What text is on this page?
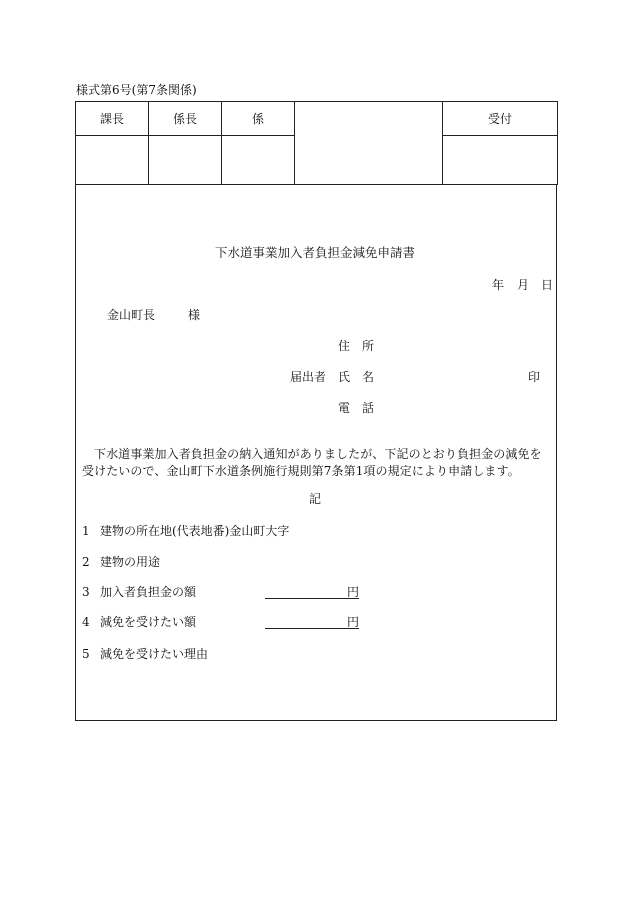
様式第6号(第7条関係)
課長	係長	係		受付

下水道事業加入者負担金減免申請書
年 月 日
金山町長	様
住　所
届出者 氏　名	印
電　話
下水道事業加入者負担金の納入通知がありましたが、下記のとおり負担金の減免を受けたいので、金山町下水道条例施行規則第7条第1項の規定により申請します。
記
1 建物の所在地(代表地番)金山町大字
2 建物の用途
3 加入者負担金の額	円
4 減免を受けたい額	円
5 減免を受けたい理由
